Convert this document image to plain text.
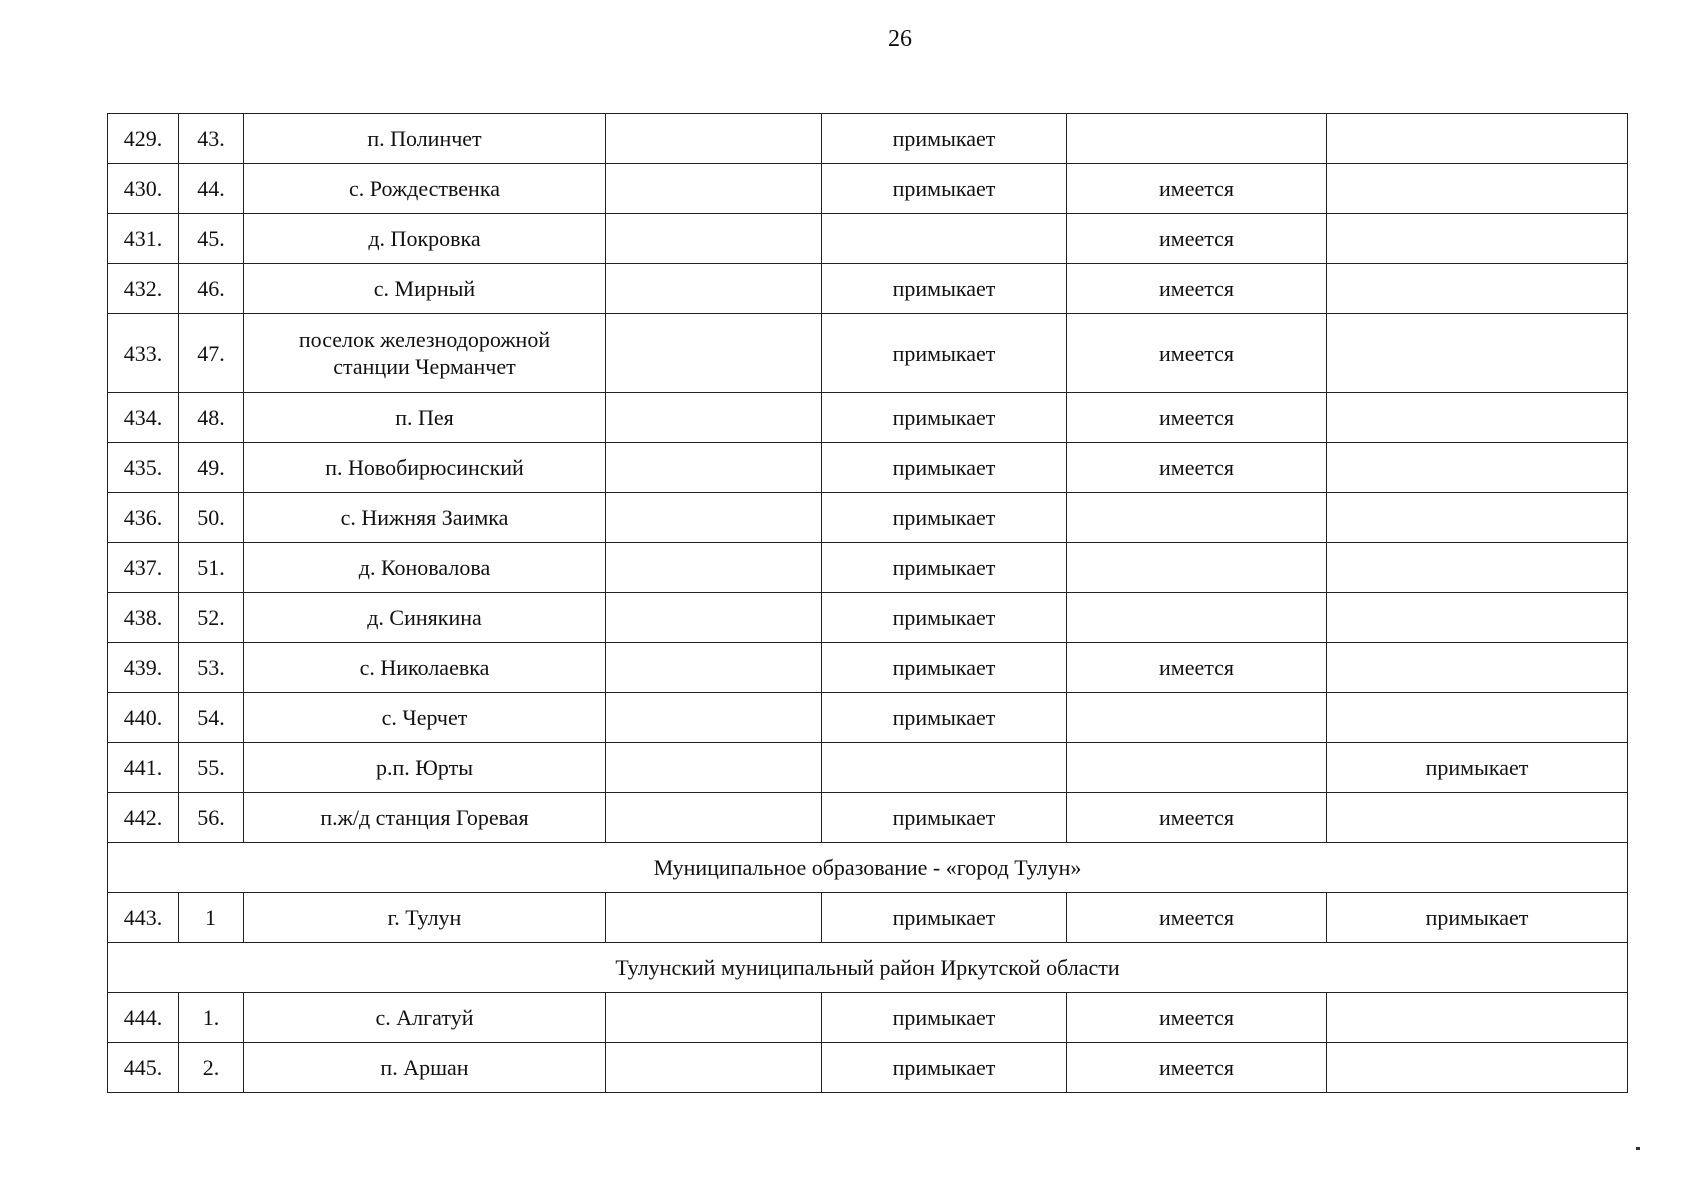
26
429.	43.	п. Полинчет		примыкает		
430.	44.	с. Рождественка		примыкает	имеется	
431.	45.	д. Покровка			имеется	
432.	46.	с. Мирный		примыкает	имеется	
433.	47.	поселок железнодорожной станции Черманчет		примыкает	имеется	
434.	48.	п. Пея		примыкает	имеется	
435.	49.	п. Новобирюсинский		примыкает	имеется	
436.	50.	с. Нижняя Заимка		примыкает		
437.	51.	д. Коновалова		примыкает		
438.	52.	д. Синякина		примыкает		
439.	53.	с. Николаевка		примыкает	имеется	
440.	54.	с. Черчет		примыкает		
441.	55.	р.п. Юрты				примыкает
442.	56.	п.ж/д станция Горевая		примыкает	имеется	
Муниципальное образование - «город Тулун»						
443.	1	г. Тулун		примыкает	имеется	примыкает
Тулунский муниципальный район Иркутской области						
444.	1.	с. Алгатуй		примыкает	имеется	
445.	2.	п. Аршан		примыкает	имеется	
